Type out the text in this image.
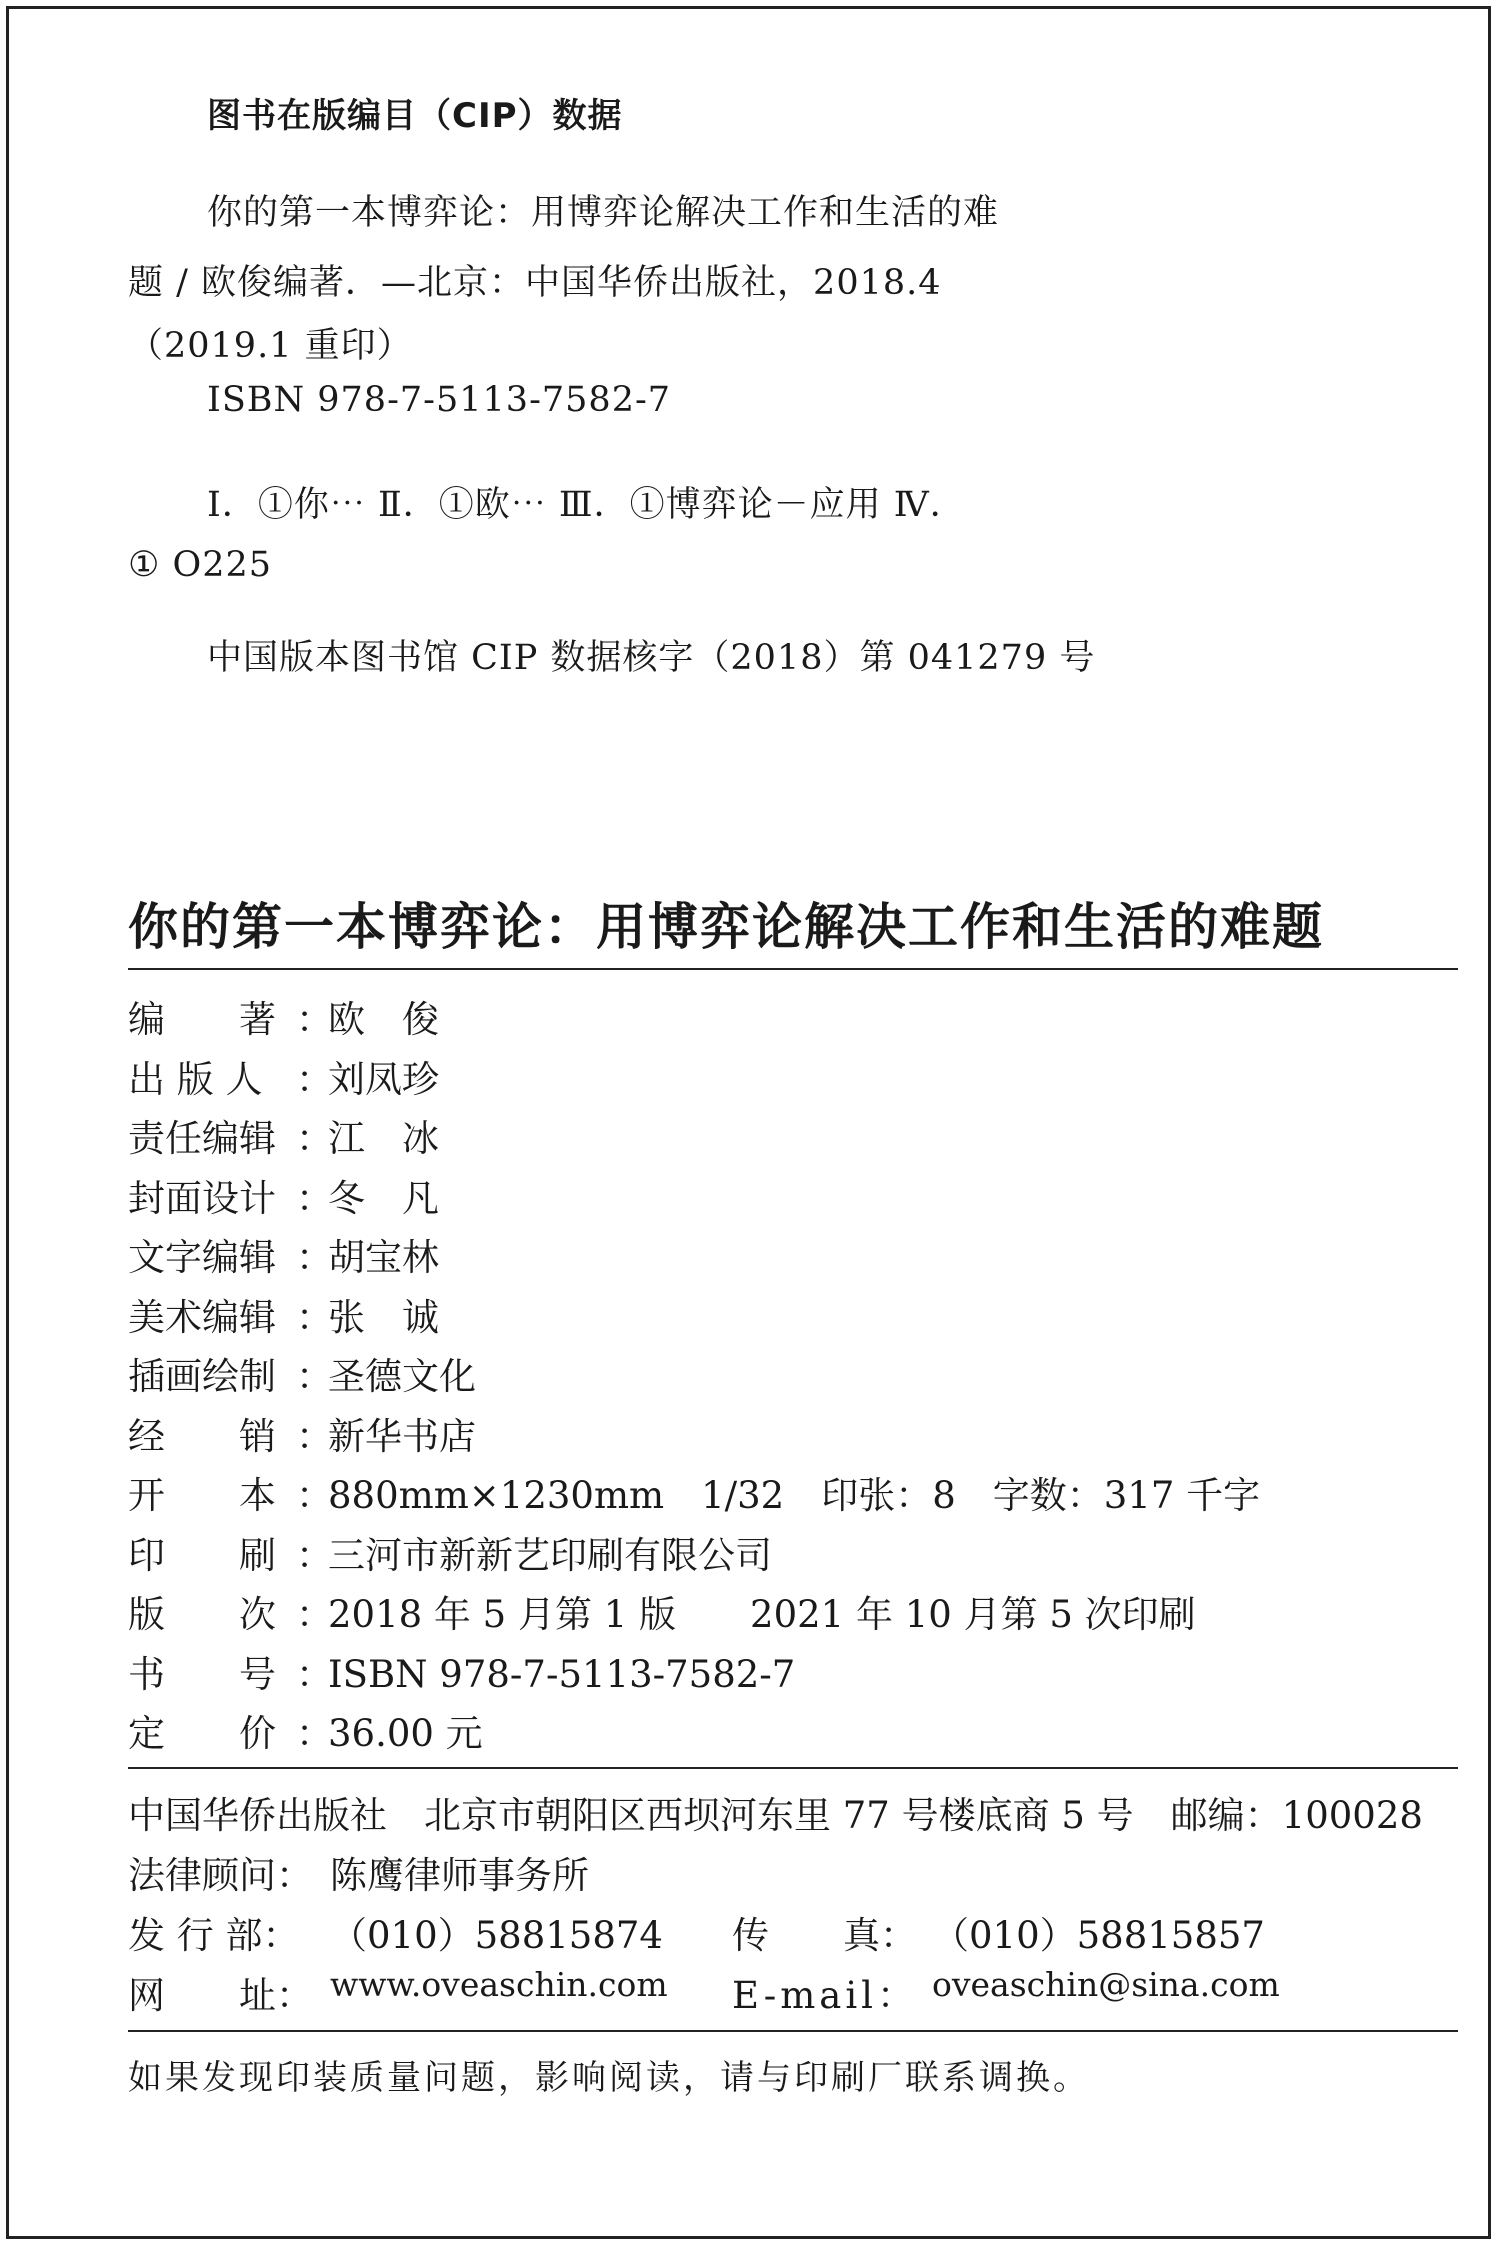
图书在版编目（CIP）数据
你的第一本博弈论：用博弈论解决工作和生活的难
题 / 欧俊编著．—北京：中国华侨出版社，2018.4
（2019.1 重印）
ISBN 978-7-5113-7582-7
Ⅰ．①你⋯ Ⅱ．①欧⋯ Ⅲ．①博弈论－应用 Ⅳ．
① O225
中国版本图书馆 CIP 数据核字（2018）第 041279 号
你的第一本博弈论：用博弈论解决工作和生活的难题
编　　著 ：
欧　俊
出 版 人 ：
刘凤珍
责任编辑 ：
江　冰
封面设计 ：
冬　凡
文字编辑 ：
胡宝林
美术编辑 ：
张　诚
插画绘制 ：
圣德文化
经　　销 ：
新华书店
开　　本 ：
880mm×1230mm　1/32　印张：8　字数：317 千字
印　　刷 ：
三河市新新艺印刷有限公司
版　　次 ：
2018 年 5 月第 1 版　　2021 年 10 月第 5 次印刷
书　　号 ：
ISBN 978-7-5113-7582-7
定　　价 ：
36.00 元
中国华侨出版社　北京市朝阳区西坝河东里 77 号楼底商 5 号　邮编：100028
法律顾问： 陈鹰律师事务所
发 行 部： （010）58815874 传　　真： （010）58815857
网　　址： www.oveaschin.com E-mail： oveaschin@sina.com
如果发现印装质量问题，影响阅读，请与印刷厂联系调换。
